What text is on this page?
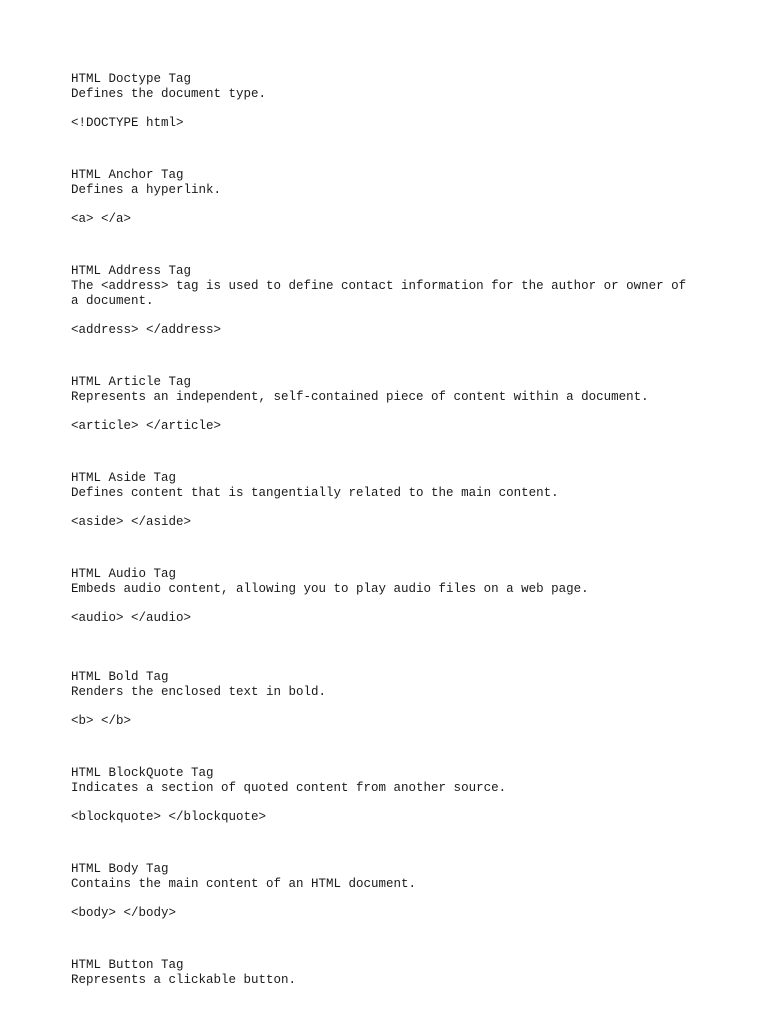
HTML Doctype Tag
Defines the document type.
<!DOCTYPE html>
HTML Anchor Tag
Defines a hyperlink.
<a> </a>
HTML Address Tag
The <address> tag is used to define contact information for the author or owner of a document.
<address> </address>
HTML Article Tag
Represents an independent, self-contained piece of content within a document.
<article> </article>
HTML Aside Tag
Defines content that is tangentially related to the main content.
<aside> </aside>
HTML Audio Tag
Embeds audio content, allowing you to play audio files on a web page.
<audio> </audio>
HTML Bold Tag
Renders the enclosed text in bold.
<b> </b>
HTML BlockQuote Tag
Indicates a section of quoted content from another source.
<blockquote> </blockquote>
HTML Body Tag
Contains the main content of an HTML document.
<body> </body>
HTML Button Tag
Represents a clickable button.
